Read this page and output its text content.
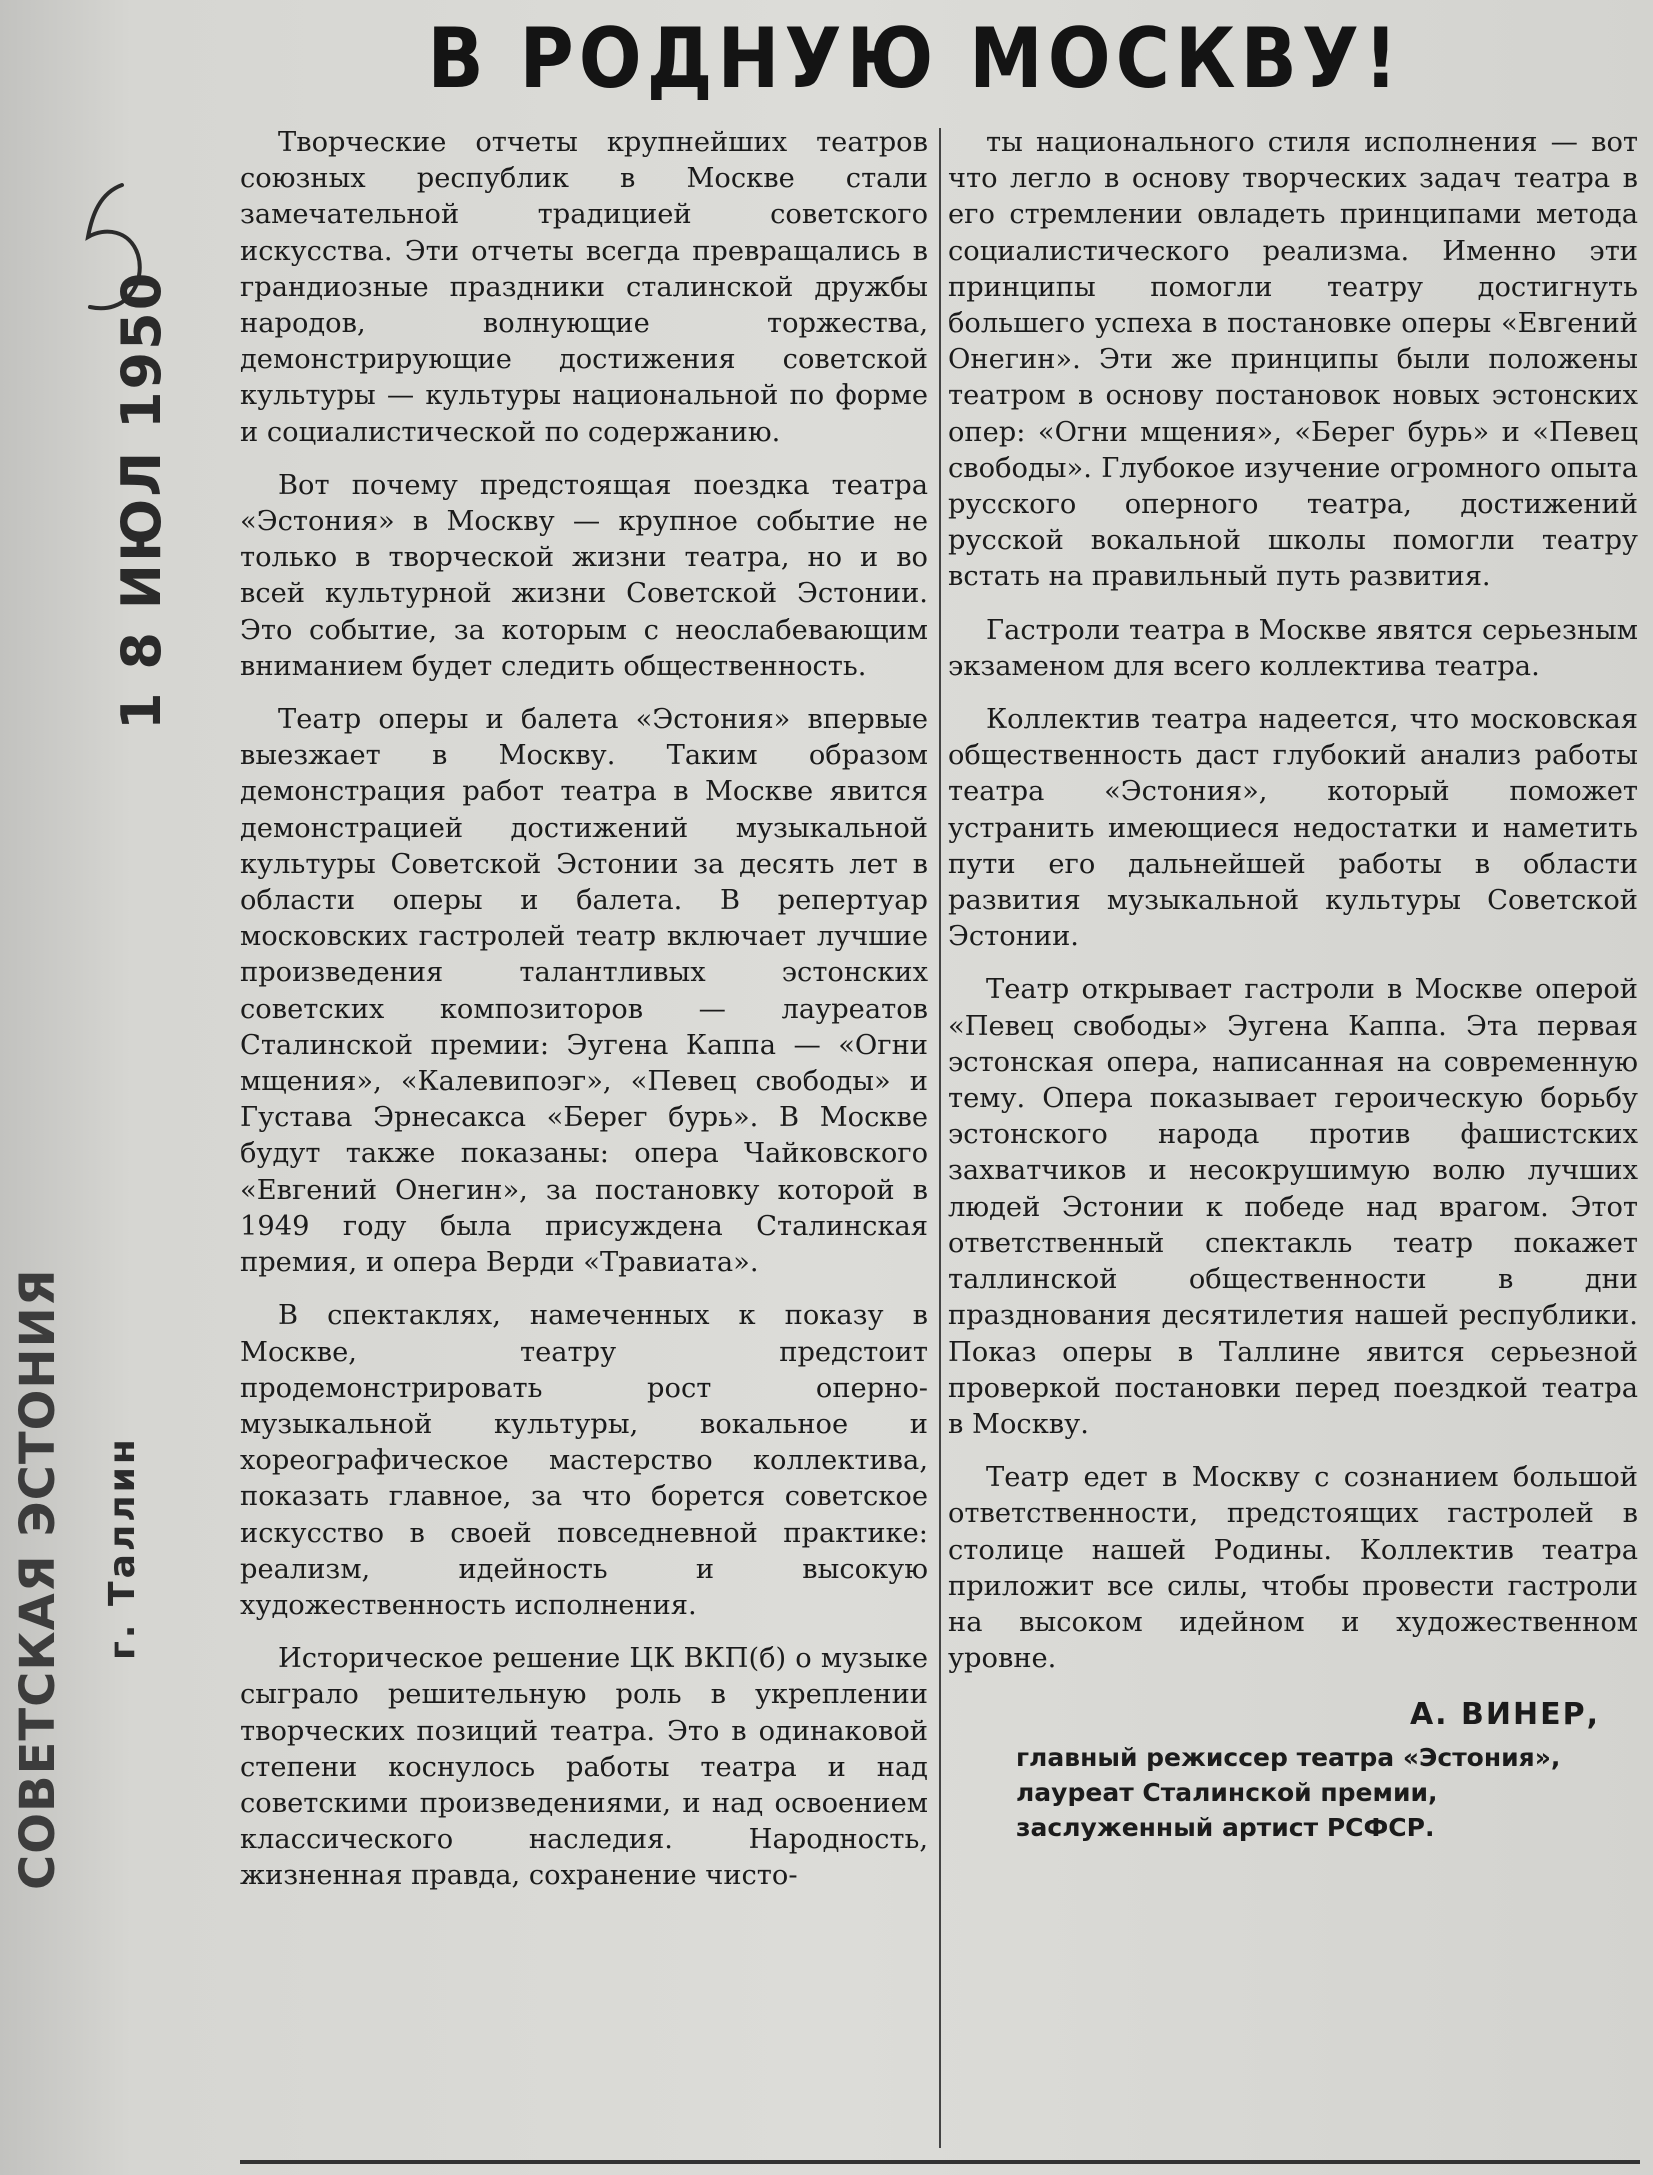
В РОДНУЮ МОСКВУ!
1 8 ИЮЛ 1950
СОВЕТСКАЯ ЭСТОНИЯ	г. Таллин

Творческие отчеты крупнейших театров союзных республик в Москве стали замечательной традицией советского искусства. Эти отчеты всегда превращались в грандиозные праздники сталинской дружбы народов, волнующие торжества, демонстрирующие достижения советской культуры — культуры национальной по форме и социалистической по содержанию.

Вот почему предстоящая поездка театра «Эстония» в Москву — крупное событие не только в творческой жизни театра, но и во всей культурной жизни Советской Эстонии. Это событие, за которым с неослабевающим вниманием будет следить общественность.

Театр оперы и балета «Эстония» впервые выезжает в Москву. Таким образом демонстрация работ театра в Москве явится демонстрацией достижений музыкальной культуры Советской Эстонии за десять лет в области оперы и балета. В репертуар московских гастролей театр включает лучшие произведения талантливых эстонских советских композиторов — лауреатов Сталинской премии: Эугена Каппа — «Огни мщения», «Калевипоэг», «Певец свободы» и Густава Эрнесакса «Берег бурь». В Москве будут также показаны: опера Чайковского «Евгений Онегин», за постановку которой в 1949 году была присуждена Сталинская премия, и опера Верди «Травиата».

В спектаклях, намеченных к показу в Москве, театру предстоит продемонстрировать рост оперно-музыкальной культуры, вокальное и хореографическое мастерство коллектива, показать главное, за что борется советское искусство в своей повседневной практике: реализм, идейность и высокую художественность исполнения.

Историческое решение ЦК ВКП(б) о музыке сыграло решительную роль в укреплении творческих позиций театра. Это в одинаковой степени коснулось работы театра и над советскими произведениями, и над освоением классического наследия. Народность, жизненная правда, сохранение чисто-

ты национального стиля исполнения — вот что легло в основу творческих задач театра в его стремлении овладеть принципами метода социалистического реализма. Именно эти принципы помогли театру достигнуть большего успеха в постановке оперы «Евгений Онегин». Эти же принципы были положены театром в основу постановок новых эстонских опер: «Огни мщения», «Берег бурь» и «Певец свободы». Глубокое изучение огромного опыта русского оперного театра, достижений русской вокальной школы помогли театру встать на правильный путь развития.

Гастроли театра в Москве явятся серьезным экзаменом для всего коллектива театра.

Коллектив театра надеется, что московская общественность даст глубокий анализ работы театра «Эстония», который поможет устранить имеющиеся недостатки и наметить пути его дальнейшей работы в области развития музыкальной культуры Советской Эстонии.

Театр открывает гастроли в Москве оперой «Певец свободы» Эугена Каппа. Эта первая эстонская опера, написанная на современную тему. Опера показывает героическую борьбу эстонского народа против фашистских захватчиков и несокрушимую волю лучших людей Эстонии к победе над врагом. Этот ответственный спектакль театр покажет таллинской общественности в дни празднования десятилетия нашей республики. Показ оперы в Таллине явится серьезной проверкой постановки перед поездкой театра в Москву.

Театр едет в Москву с сознанием большой ответственности, предстоящих гастролей в столице нашей Родины. Коллектив театра приложит все силы, чтобы провести гастроли на высоком идейном и художественном уровне.

А. ВИНЕР,
главный режиссер театра «Эстония», лауреат Сталинской премии, заслуженный артист РСФСР.
